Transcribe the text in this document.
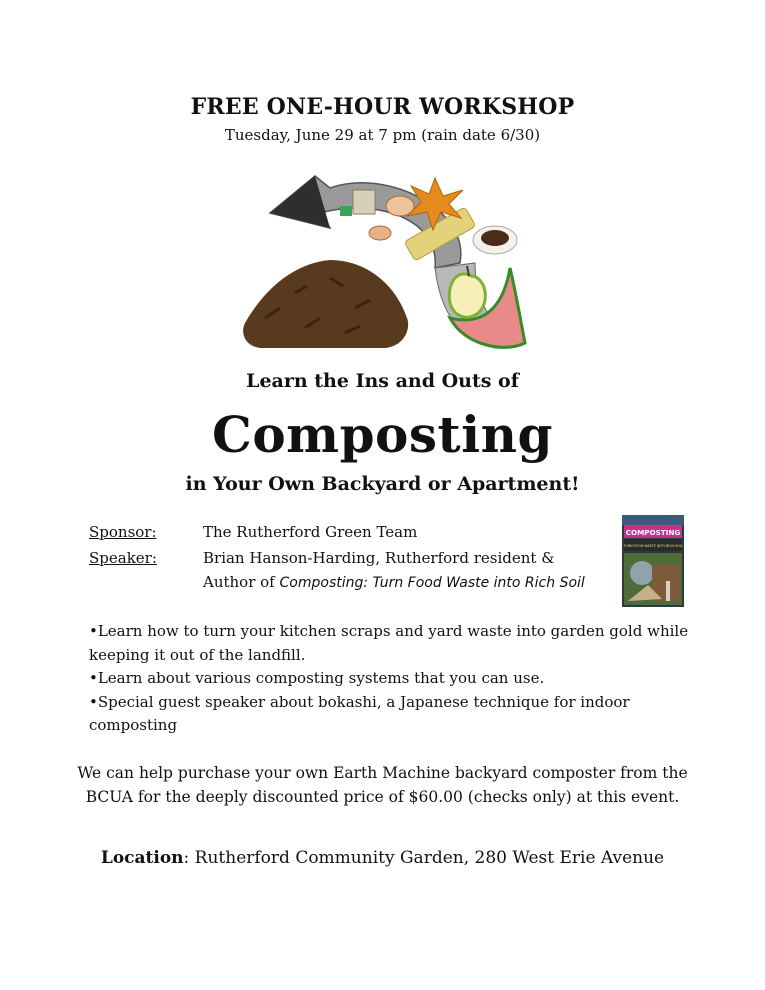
FREE ONE-HOUR WORKSHOP
Tuesday, June 29 at 7 pm (rain date 6/30)
Learn the Ins and Outs of
Composting
in Your Own Backyard or Apartment!
Sponsor:	The Rutherford Green Team
Speaker:	Brian Hanson-Harding, Rutherford resident &
Author of Composting: Turn Food Waste into Rich Soil
COMPOSTING
TURN FOOD WASTE INTO RICH SOIL

•Learn how to turn your kitchen scraps and yard waste into garden gold while keeping it out of the landfill.

•Learn about various composting systems that you can use.

•Special guest speaker about bokashi, a Japanese technique for indoor composting

We can help purchase your own Earth Machine backyard composter from the BCUA for the deeply discounted price of $60.00 (checks only) at this event.
Location: Rutherford Community Garden, 280 West Erie Avenue
